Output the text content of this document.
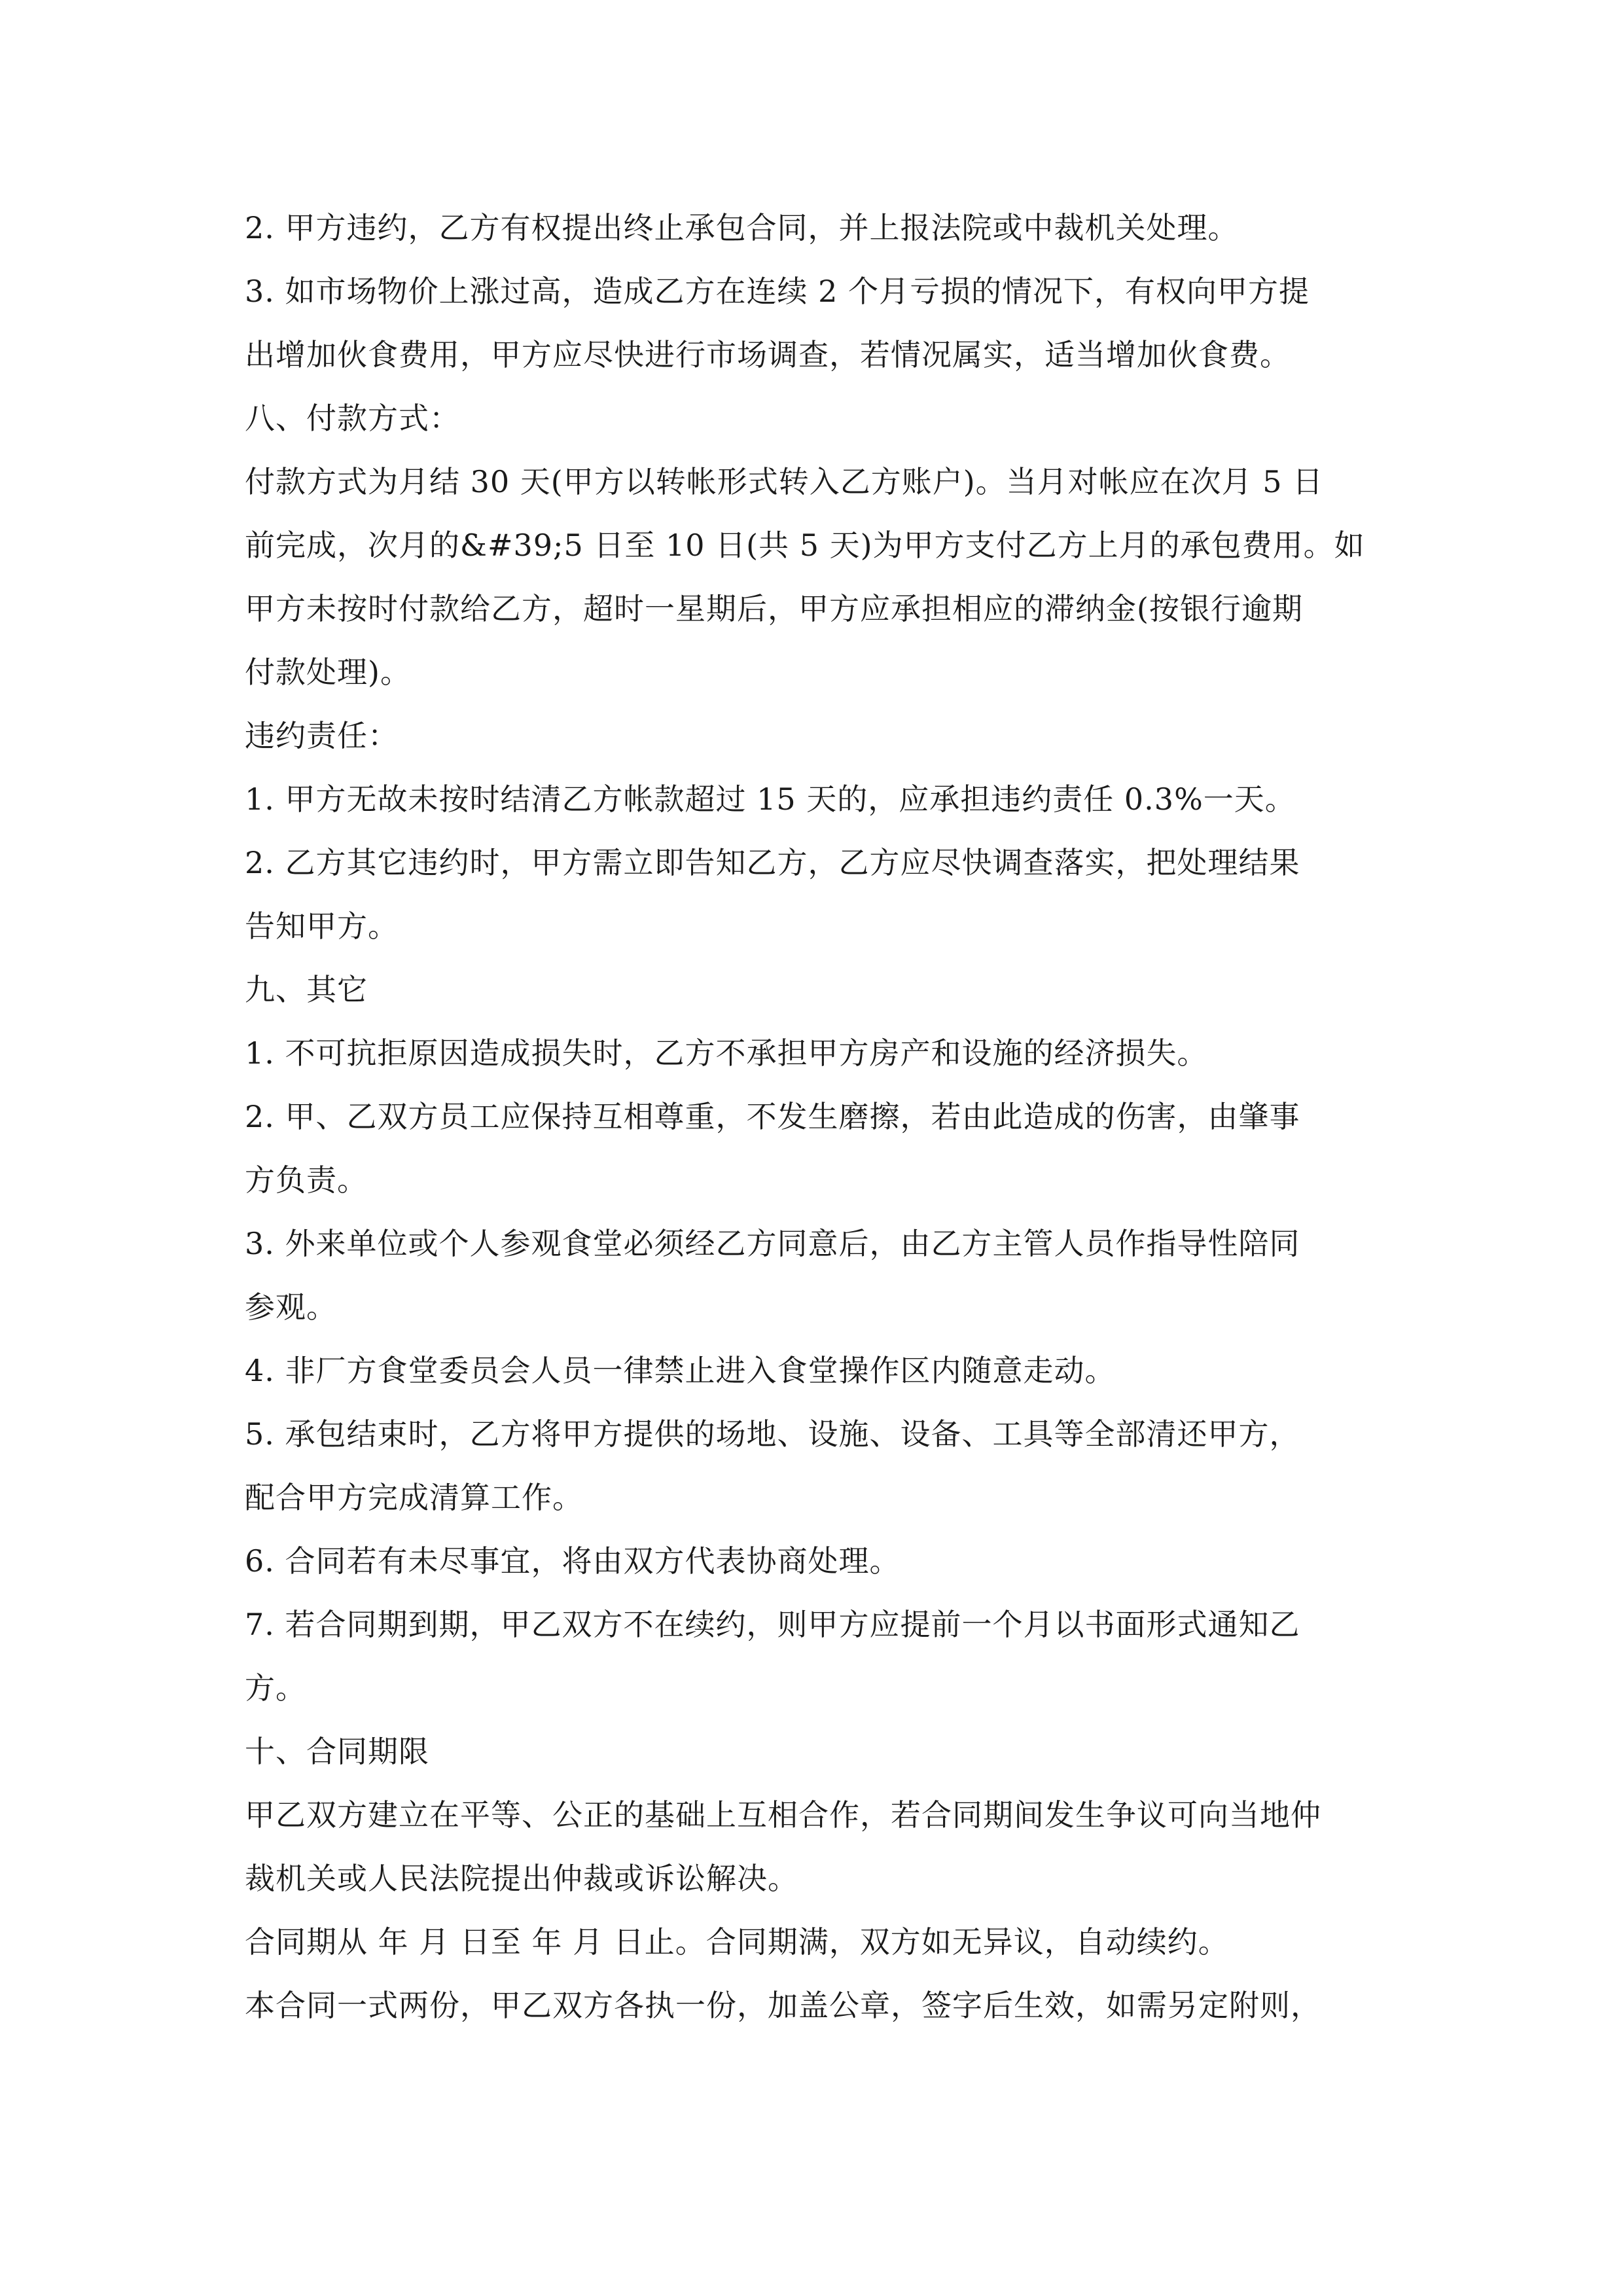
2. 甲方违约，乙方有权提出终止承包合同，并上报法院或中裁机关处理。
3. 如市场物价上涨过高，造成乙方在连续 2 个月亏损的情况下，有权向甲方提
出增加伙食费用，甲方应尽快进行市场调查，若情况属实，适当增加伙食费。
八、付款方式：
付款方式为月结 30 天(甲方以转帐形式转入乙方账户)。当月对帐应在次月 5 日
前完成，次月的&#39;5 日至 10 日(共 5 天)为甲方支付乙方上月的承包费用。如
甲方未按时付款给乙方，超时一星期后，甲方应承担相应的滞纳金(按银行逾期
付款处理)。
违约责任：
1. 甲方无故未按时结清乙方帐款超过 15 天的，应承担违约责任 0.3%一天。
2. 乙方其它违约时，甲方需立即告知乙方，乙方应尽快调查落实，把处理结果
告知甲方。
九、其它
1. 不可抗拒原因造成损失时，乙方不承担甲方房产和设施的经济损失。
2. 甲、乙双方员工应保持互相尊重，不发生磨擦，若由此造成的伤害，由肇事
方负责。
3. 外来单位或个人参观食堂必须经乙方同意后，由乙方主管人员作指导性陪同
参观。
4. 非厂方食堂委员会人员一律禁止进入食堂操作区内随意走动。
5. 承包结束时，乙方将甲方提供的场地、设施、设备、工具等全部清还甲方，
配合甲方完成清算工作。
6. 合同若有未尽事宜，将由双方代表协商处理。
7. 若合同期到期，甲乙双方不在续约，则甲方应提前一个月以书面形式通知乙
方。
十、合同期限
甲乙双方建立在平等、公正的基础上互相合作，若合同期间发生争议可向当地仲
裁机关或人民法院提出仲裁或诉讼解决。
合同期从 年 月 日至 年 月 日止。合同期满，双方如无异议，自动续约。
本合同一式两份，甲乙双方各执一份，加盖公章，签字后生效，如需另定附则，
